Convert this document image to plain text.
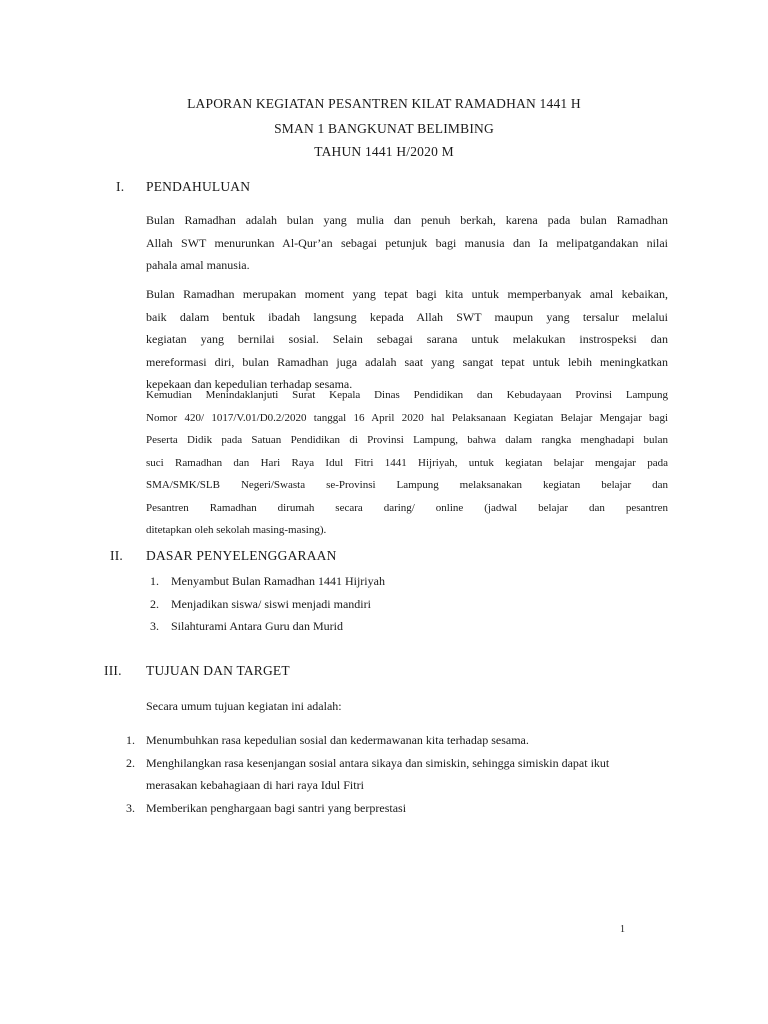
LAPORAN KEGIATAN PESANTREN KILAT RAMADHAN 1441 H
SMAN 1 BANGKUNAT BELIMBING
TAHUN 1441 H/2020 M
I. PENDAHULUAN
Bulan Ramadhan adalah bulan yang mulia dan penuh berkah, karena pada bulan Ramadhan
Allah SWT menurunkan Al-Qur’an sebagai petunjuk bagi manusia dan Ia melipatgandakan nilai
pahala amal manusia.
Bulan Ramadhan merupakan moment yang tepat bagi kita untuk memperbanyak amal kebaikan,
baik dalam bentuk ibadah langsung kepada Allah SWT maupun yang tersalur melalui
kegiatan yang bernilai sosial. Selain sebagai sarana untuk melakukan instrospeksi dan
mereformasi diri, bulan Ramadhan juga adalah saat yang sangat tepat untuk lebih meningkatkan
kepekaan dan kepedulian terhadap sesama.
Kemudian Menindaklanjuti Surat Kepala Dinas Pendidikan dan Kebudayaan Provinsi Lampung
Nomor 420/ 1017/V.01/D0.2/2020 tanggal 16 April 2020 hal Pelaksanaan Kegiatan Belajar Mengajar bagi
Peserta Didik pada Satuan Pendidikan di Provinsi Lampung, bahwa dalam rangka menghadapi bulan
suci Ramadhan dan Hari Raya Idul Fitri 1441 Hijriyah, untuk kegiatan belajar mengajar pada
SMA/SMK/SLB Negeri/Swasta se-Provinsi Lampung melaksanakan kegiatan belajar dan
Pesantren Ramadhan dirumah secara daring/ online (jadwal belajar dan pesantren
ditetapkan oleh sekolah masing-masing).
II. DASAR PENYELENGGARAAN
1. Menyambut Bulan Ramadhan 1441 Hijriyah
2. Menjadikan siswa/ siswi menjadi mandiri
3. Silahturami Antara Guru dan Murid
III. TUJUAN DAN TARGET
Secara umum tujuan kegiatan ini adalah:
1. Menumbuhkan rasa kepedulian sosial dan kedermawanan kita terhadap sesama.
2. Menghilangkan rasa kesenjangan sosial antara sikaya dan simiskin, sehingga simiskin dapat ikut
merasakan kebahagiaan di hari raya Idul Fitri
3. Memberikan penghargaan bagi santri yang berprestasi
1
